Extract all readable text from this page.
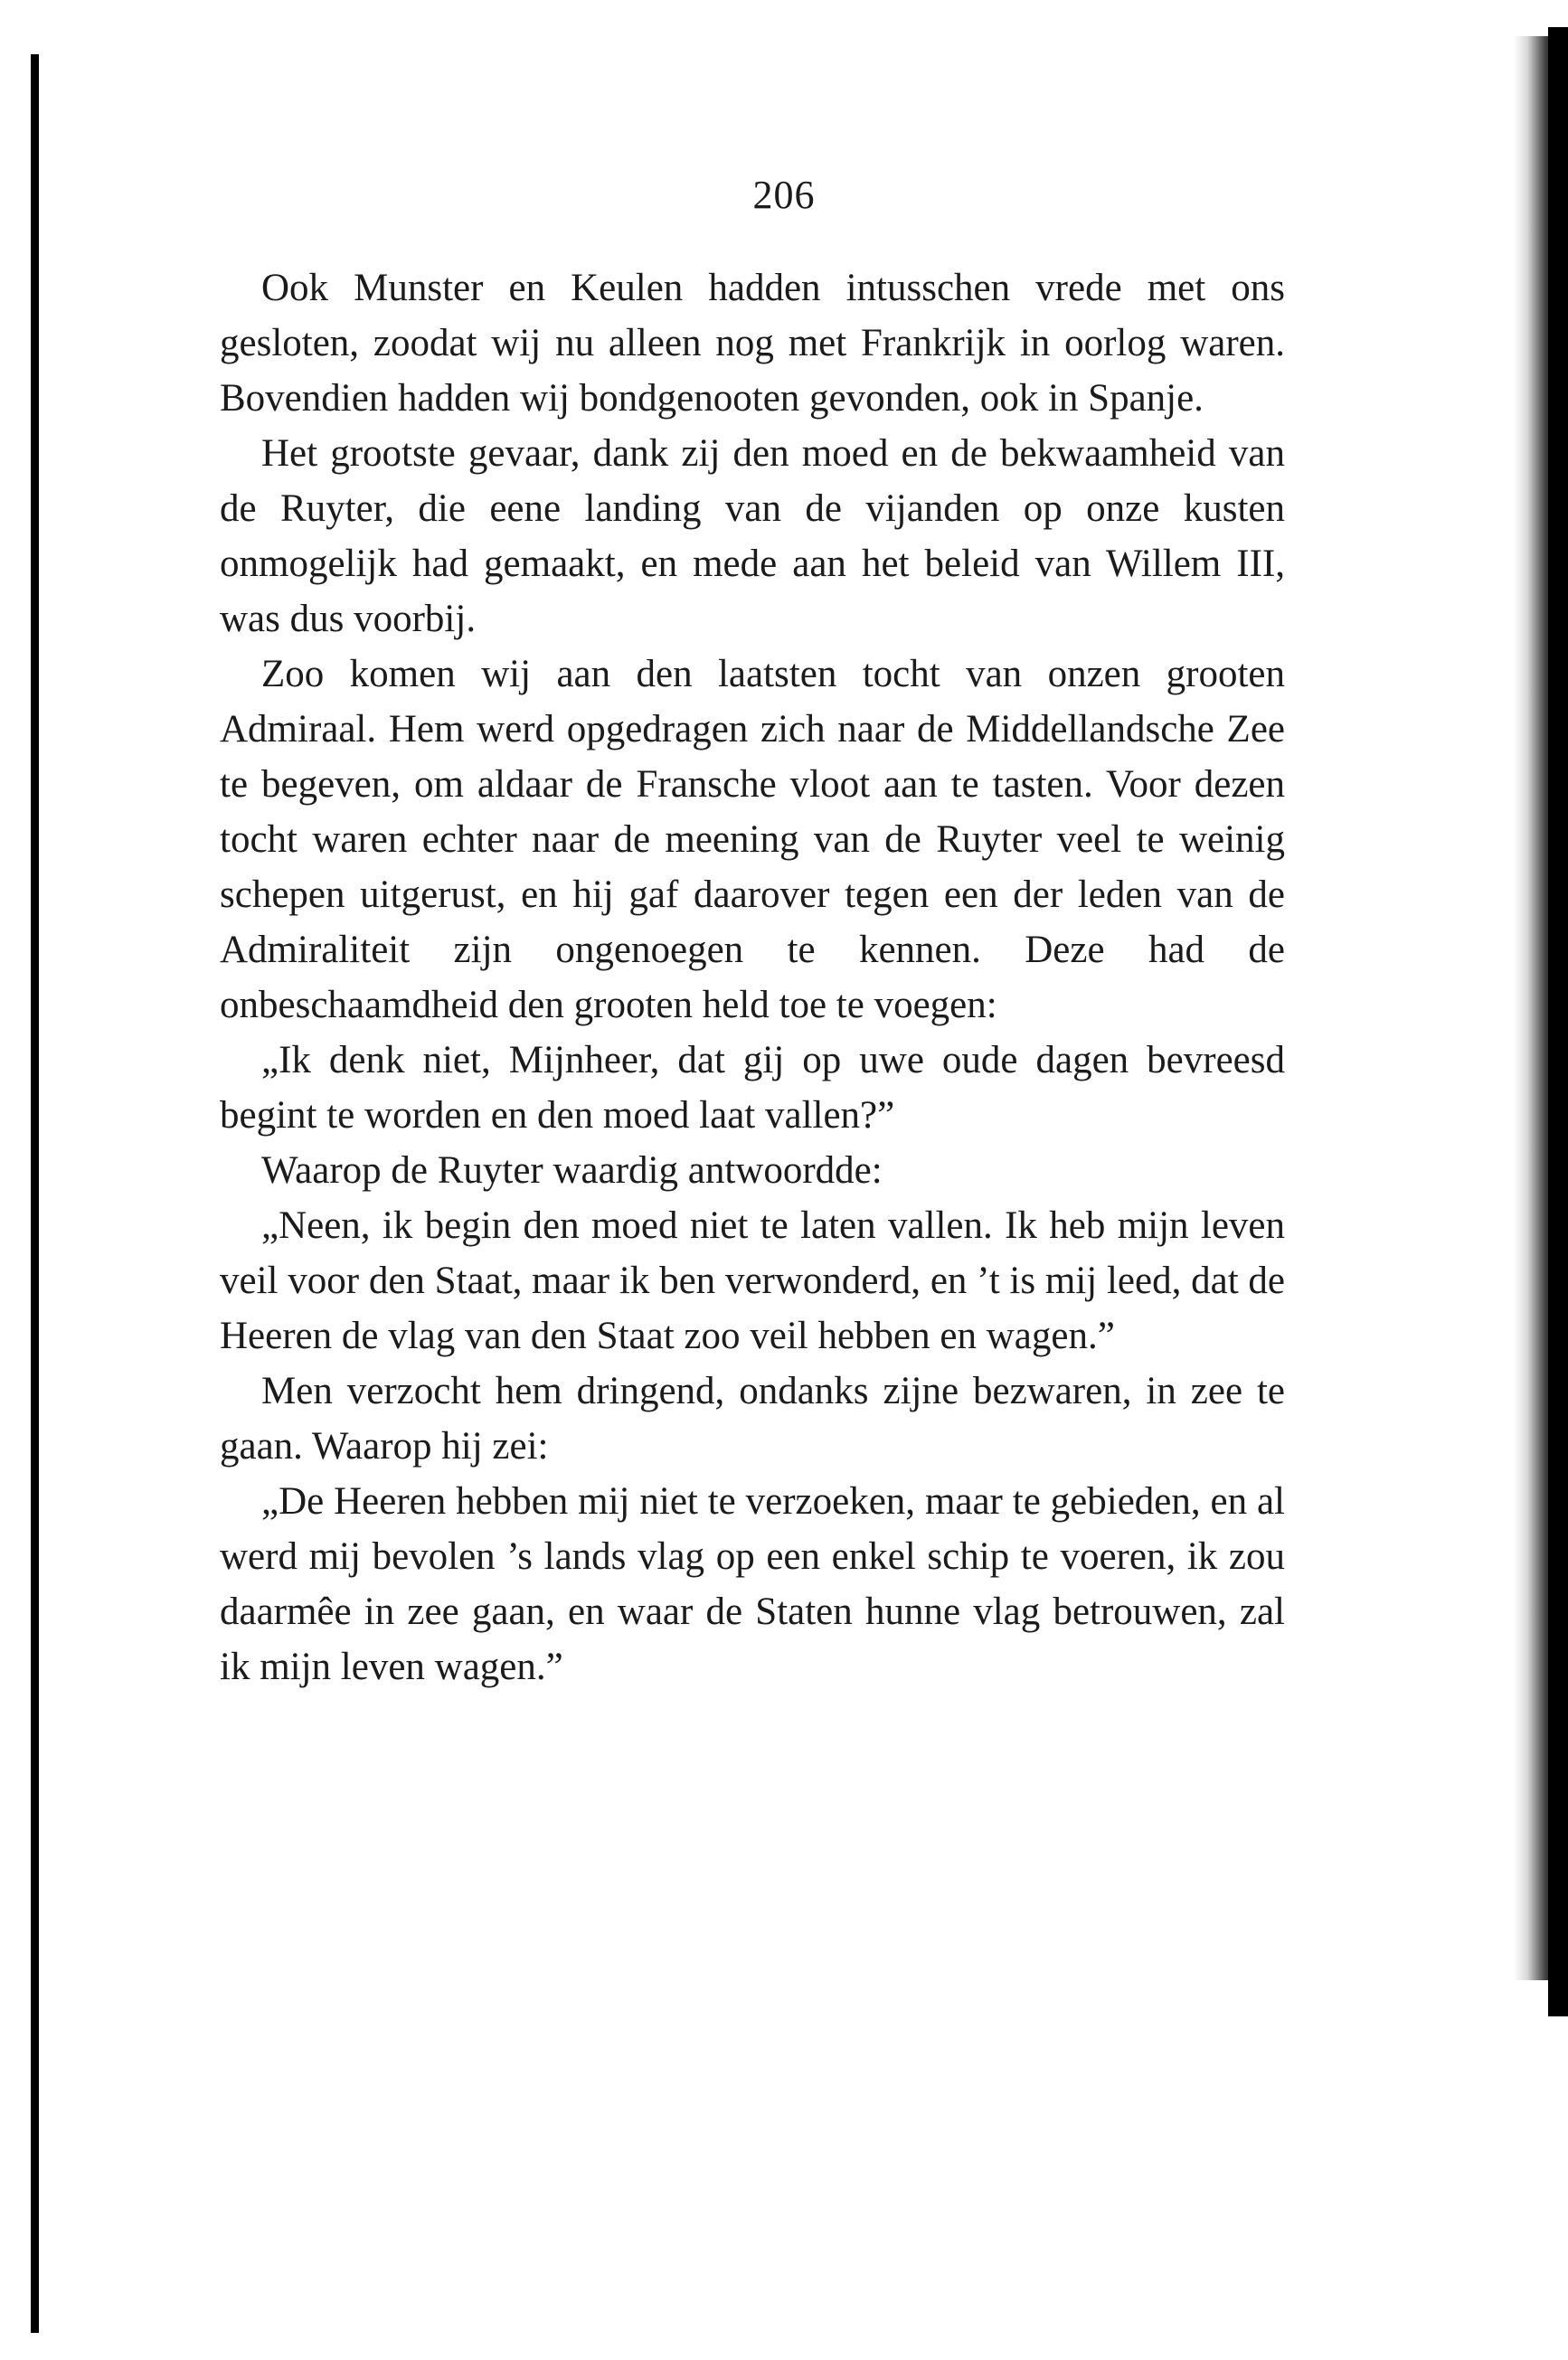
206

Ook Munster en Keulen hadden intusschen vrede met ons gesloten, zoodat wij nu alleen nog met Frankrijk in oorlog waren. Bovendien hadden wij bondgenooten gevonden, ook in Spanje.

Het grootste gevaar, dank zij den moed en de bekwaamheid van de Ruyter, die eene landing van de vijanden op onze kusten onmogelijk had gemaakt, en mede aan het beleid van Willem III, was dus voorbij.

Zoo komen wij aan den laatsten tocht van onzen grooten Admiraal. Hem werd opgedragen zich naar de Middellandsche Zee te begeven, om aldaar de Fransche vloot aan te tasten. Voor dezen tocht waren echter naar de meening van de Ruyter veel te weinig schepen uitgerust, en hij gaf daarover tegen een der leden van de Admiraliteit zijn ongenoegen te kennen. Deze had de onbeschaamdheid den grooten held toe te voegen:

„Ik denk niet, Mijnheer, dat gij op uwe oude dagen bevreesd begint te worden en den moed laat vallen?”

Waarop de Ruyter waardig antwoordde:

„Neen, ik begin den moed niet te laten vallen. Ik heb mijn leven veil voor den Staat, maar ik ben verwonderd, en ’t is mij leed, dat de Heeren de vlag van den Staat zoo veil hebben en wagen.”

Men verzocht hem dringend, ondanks zijne bezwaren, in zee te gaan. Waarop hij zei:

„De Heeren hebben mij niet te verzoeken, maar te gebieden, en al werd mij bevolen ’s lands vlag op een enkel schip te voeren, ik zou daarmêe in zee gaan, en waar de Staten hunne vlag betrouwen, zal ik mijn leven wagen.”
